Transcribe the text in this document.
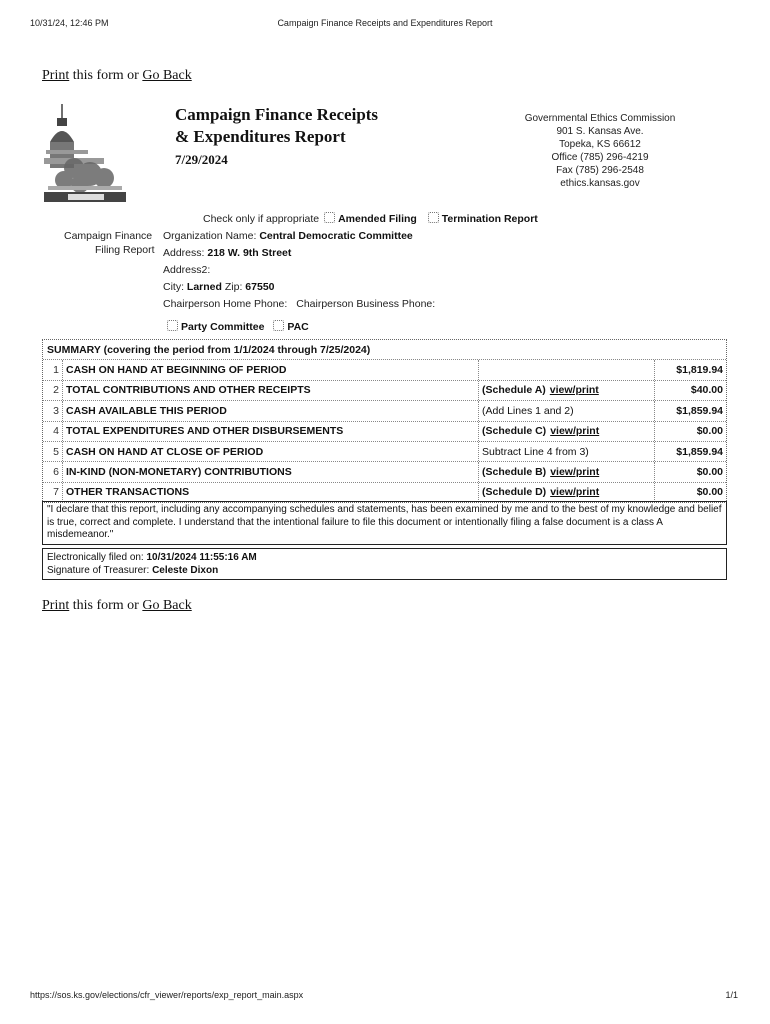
10/31/24, 12:46 PM	Campaign Finance Receipts and Expenditures Report
Print this form or Go Back
Campaign Finance Receipts
& Expenditures Report
7/29/2024
Governmental Ethics Commission
901 S. Kansas Ave.
Topeka, KS 66612
Office (785) 296-4219
Fax (785) 296-2548
ethics.kansas.gov
Check only if appropriate Amended Filing Termination Report
Campaign Finance
Filing Report
Organization Name: Central Democratic Committee
Address: 218 W. 9th Street
Address2:
City: Larned Zip: 67550
Chairperson Home Phone: Chairperson Business Phone:
Party Committee PAC
SUMMARY (covering the period from 1/1/2024 through 7/25/2024)
1 CASH ON HAND AT BEGINNING OF PERIOD	$1,819.94
2 TOTAL CONTRIBUTIONS AND OTHER RECEIPTS	(Schedule A) view/print	$40.00
3 CASH AVAILABLE THIS PERIOD	(Add Lines 1 and 2)	$1,859.94
4 TOTAL EXPENDITURES AND OTHER DISBURSEMENTS	(Schedule C) view/print	$0.00
5 CASH ON HAND AT CLOSE OF PERIOD	Subtract Line 4 from 3)	$1,859.94
6 IN-KIND (NON-MONETARY) CONTRIBUTIONS	(Schedule B) view/print	$0.00
7 OTHER TRANSACTIONS	(Schedule D) view/print	$0.00
"I declare that this report, including any accompanying schedules and statements, has been examined by me and to the best of my knowledge and belief is true, correct and complete. I understand that the intentional failure to file this document or intentionally filing a false document is a class A misdemeanor."
Electronically filed on: 10/31/2024 11:55:16 AM
Signature of Treasurer: Celeste Dixon
Print this form or Go Back
https://sos.ks.gov/elections/cfr_viewer/reports/exp_report_main.aspx	1/1
